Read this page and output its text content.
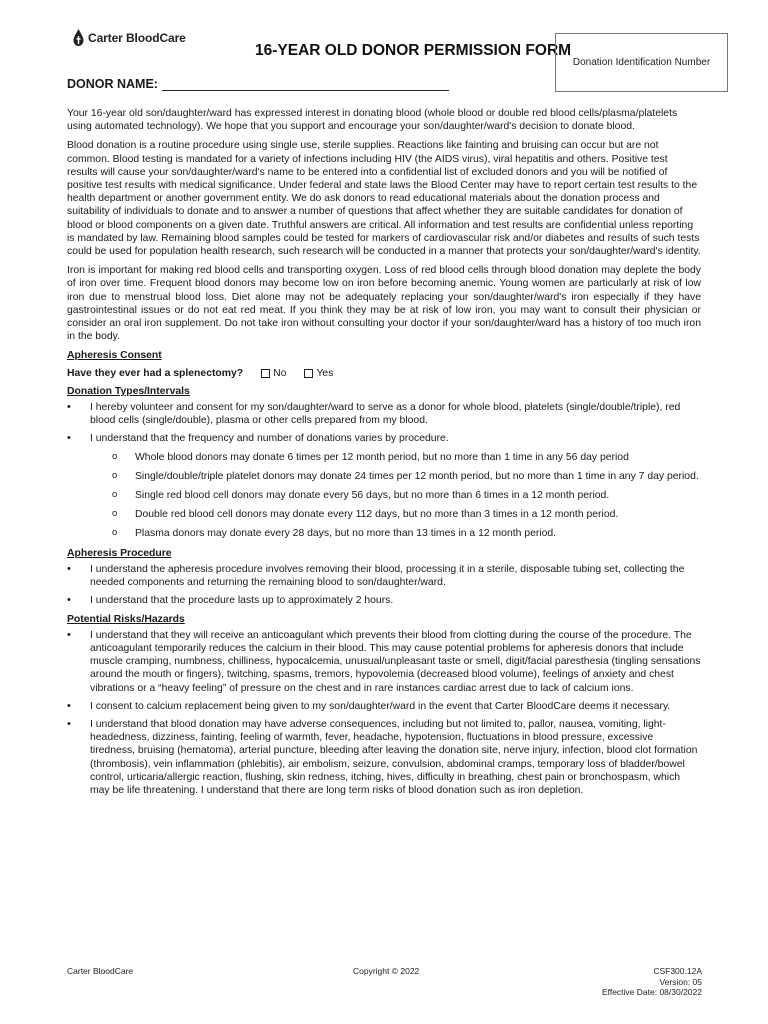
Carter BloodCare
16-YEAR OLD DONOR PERMISSION FORM
Donation Identification Number
DONOR NAME:

Your 16-year old son/daughter/ward has expressed interest in donating blood (whole blood or double red blood cells/plasma/platelets using automated technology). We hope that you support and encourage your son/daughter/ward's decision to donate blood.

Blood donation is a routine procedure using single use, sterile supplies. Reactions like fainting and bruising can occur but are not common. Blood testing is mandated for a variety of infections including HIV (the AIDS virus), viral hepatitis and others. Positive test results will cause your son/daughter/ward's name to be entered into a confidential list of excluded donors and you will be notified of positive test results with medical significance. Under federal and state laws the Blood Center may have to report certain test results to the health department or another government entity. We do ask donors to read educational materials about the donation process and suitability of individuals to donate and to answer a number of questions that affect whether they are suitable candidates for donation of blood or blood components on a given date. Truthful answers are critical. All information and test results are confidential unless reporting is mandated by law. Remaining blood samples could be tested for markers of cardiovascular risk and/or diabetes and results of such tests could be used for population health research, such research will be conducted in a manner that protects your son/daughter/ward's identity.

Iron is important for making red blood cells and transporting oxygen. Loss of red blood cells through blood donation may deplete the body of iron over time. Frequent blood donors may become low on iron before becoming anemic. Young women are particularly at risk of low iron due to menstrual blood loss. Diet alone may not be adequately replacing your son/daughter/ward's iron especially if they have gastrointestinal issues or do not eat red meat. If you think they may be at risk of low iron, you may want to consult their physician or consider an oral iron supplement. Do not take iron without consulting your doctor if your son/daughter/ward has a history of too much iron in the body.

Apheresis Consent
Have they ever had a splenectomy?	No	Yes
Donation Types/Intervals
• I hereby volunteer and consent for my son/daughter/ward to serve as a donor for whole blood, platelets (single/double/triple), red blood cells (single/double), plasma or other cells prepared from my blood.
• I understand that the frequency and number of donations varies by procedure.
o Whole blood donors may donate 6 times per 12 month period, but no more than 1 time in any 56 day period
o Single/double/triple platelet donors may donate 24 times per 12 month period, but no more than 1 time in any 7 day period.
o Single red blood cell donors may donate every 56 days, but no more than 6 times in a 12 month period.
o Double red blood cell donors may donate every 112 days, but no more than 3 times in a 12 month period.
o Plasma donors may donate every 28 days, but no more than 13 times in a 12 month period.
Apheresis Procedure
• I understand the apheresis procedure involves removing their blood, processing it in a sterile, disposable tubing set, collecting the needed components and returning the remaining blood to son/daughter/ward.
• I understand that the procedure lasts up to approximately 2 hours.
Potential Risks/Hazards
• I understand that they will receive an anticoagulant which prevents their blood from clotting during the course of the procedure. The anticoagulant temporarily reduces the calcium in their blood. This may cause potential problems for apheresis donors that include muscle cramping, numbness, chilliness, hypocalcemia, unusual/unpleasant taste or smell, digit/facial paresthesia (tingling sensations around the mouth or fingers), twitching, spasms, tremors, hypovolemia (decreased blood volume), feelings of anxiety and chest vibrations or a “heavy feeling” of pressure on the chest and in rare instances cardiac arrest due to lack of calcium ions.
• I consent to calcium replacement being given to my son/daughter/ward in the event that Carter BloodCare deems it necessary.
• I understand that blood donation may have adverse consequences, including but not limited to, pallor, nausea, vomiting, light-headedness, dizziness, fainting, feeling of warmth, fever, headache, hypotension, fluctuations in blood pressure, excessive tiredness, bruising (hematoma), arterial puncture, bleeding after leaving the donation site, nerve injury, infection, blood clot formation (thrombosis), vein inflammation (phlebitis), air embolism, seizure, convulsion, abdominal cramps, temporary loss of bladder/bowel control, urticaria/allergic reaction, flushing, skin redness, itching, hives, difficulty in breathing, chest pain or bronchospasm, which may be life threatening. I understand that there are long term risks of blood donation such as iron depletion.
Carter BloodCare	Copyright © 2022	CSF300.12A
Version: 05
Effective Date: 08/30/2022
